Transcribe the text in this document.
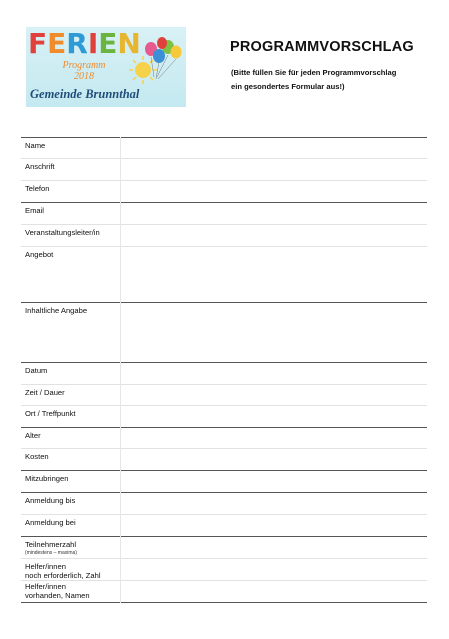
FERIEN
Programm
2018
Gemeinde Brunnthal
PROGRAMMVORSCHLAG
(Bitte füllen Sie für jeden Programmvorschlag
ein gesondertes Formular aus!)
Name	
Anschrift	
Telefon	
Email	
Veranstaltungsleiter/in	
Angebot	
Inhaltliche Angabe	
Datum	
Zeit / Dauer	
Ort / Treffpunkt	
Alter	
Kosten	
Mitzubringen	
Anmeldung bis	
Anmeldung bei	
Teilnehmerzahl
(mindestens – maxima)	

Helfer/innen
noch erforderlich, Zahl	

Helfer/innen
vorhanden, Namen	
